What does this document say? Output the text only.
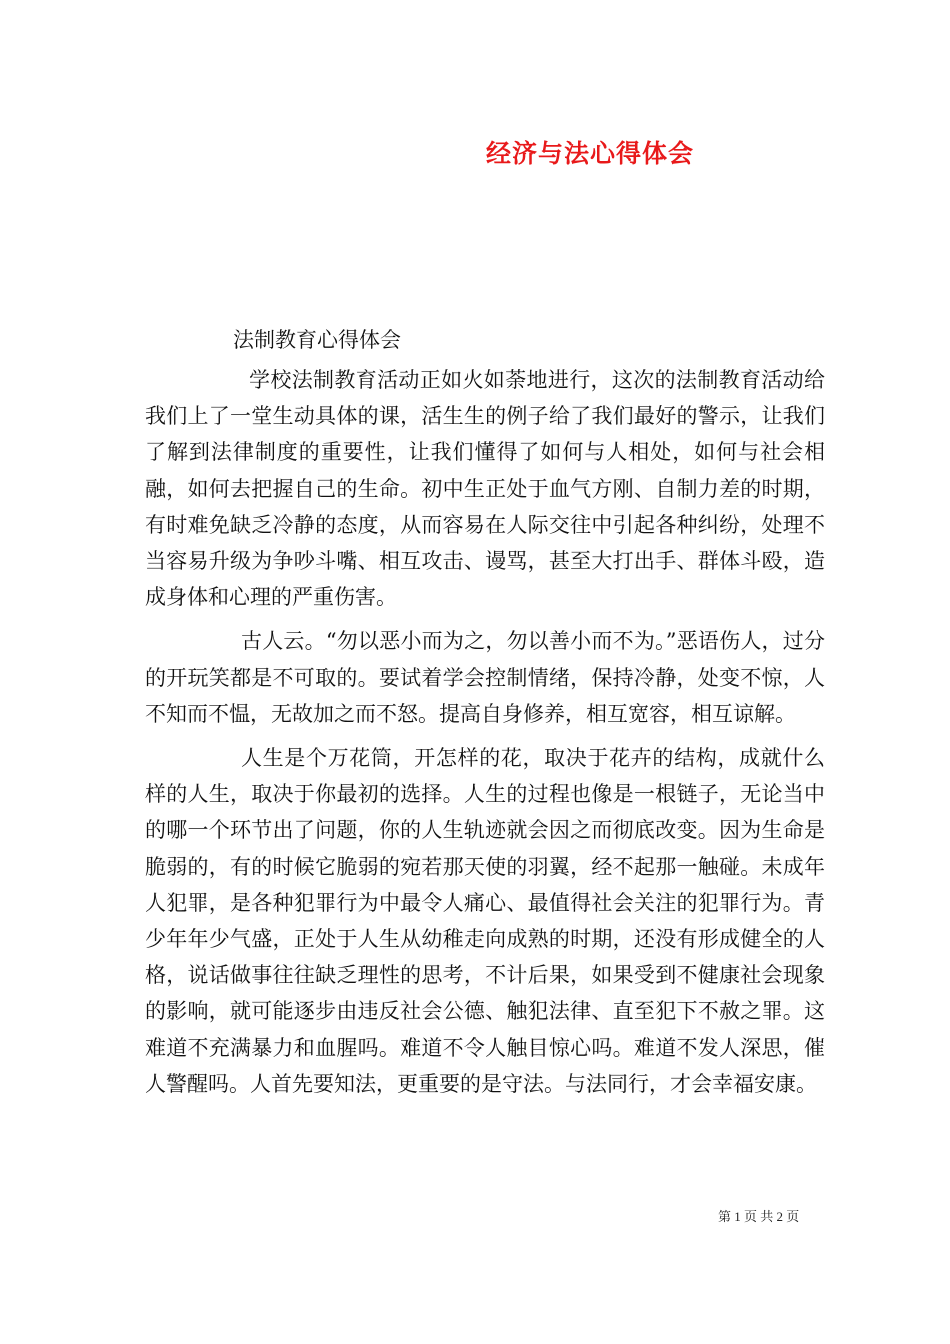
经济与法心得体会
法制教育心得体会

学校法制教育活动正如火如荼地进行，这次的法制教育活动给我们上了一堂生动具体的课，活生生的例子给了我们最好的警示，让我们了解到法律制度的重要性，让我们懂得了如何与人相处，如何与社会相融，如何去把握自己的生命。初中生正处于血气方刚、自制力差的时期，有时难免缺乏冷静的态度，从而容易在人际交往中引起各种纠纷，处理不当容易升级为争吵斗嘴、相互攻击、谩骂，甚至大打出手、群体斗殴，造成身体和心理的严重伤害。

古人云。“勿以恶小而为之，勿以善小而不为。”恶语伤人，过分的开玩笑都是不可取的。要试着学会控制情绪，保持冷静，处变不惊，人不知而不愠，无故加之而不怒。提高自身修养，相互宽容，相互谅解。

人生是个万花筒，开怎样的花，取决于花卉的结构，成就什么样的人生，取决于你最初的选择。人生的过程也像是一根链子，无论当中的哪一个环节出了问题，你的人生轨迹就会因之而彻底改变。因为生命是脆弱的，有的时候它脆弱的宛若那天使的羽翼，经不起那一触碰。未成年人犯罪，是各种犯罪行为中最令人痛心、最值得社会关注的犯罪行为。青少年年少气盛，正处于人生从幼稚走向成熟的时期，还没有形成健全的人格，说话做事往往缺乏理性的思考，不计后果，如果受到不健康社会现象的影响，就可能逐步由违反社会公德、触犯法律、直至犯下不赦之罪。这难道不充满暴力和血腥吗。难道不令人触目惊心吗。难道不发人深思，催人警醒吗。人首先要知法，更重要的是守法。与法同行，才会幸福安康。

第 1 页 共 2 页
